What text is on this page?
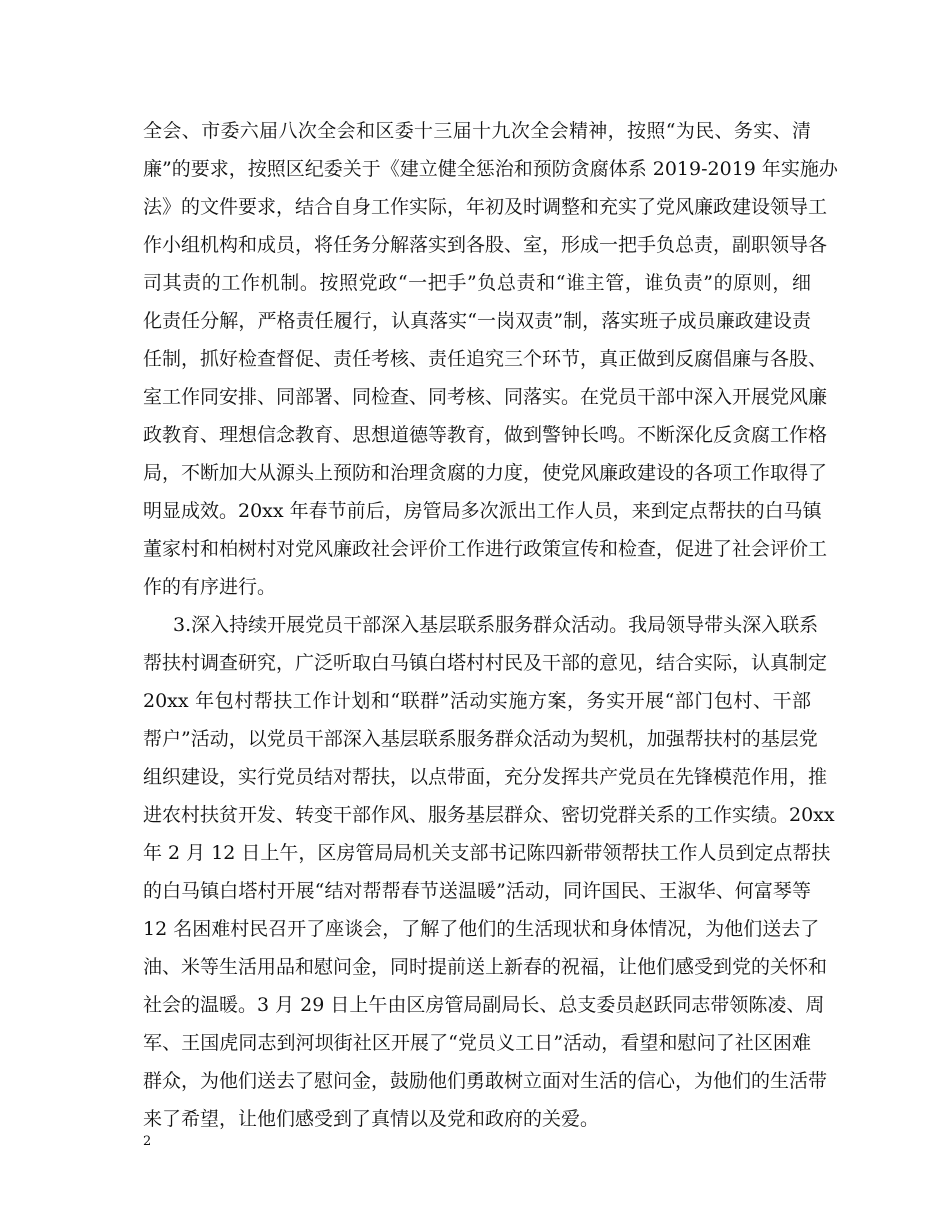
全会、市委六届八次全会和区委十三届十九次全会精神，按照“为民、务实、清
廉”的要求，按照区纪委关于《建立健全惩治和预防贪腐体系 2019-2019 年实施办
法》的文件要求，结合自身工作实际，年初及时调整和充实了党风廉政建设领导工
作小组机构和成员，将任务分解落实到各股、室，形成一把手负总责，副职领导各
司其责的工作机制。按照党政“一把手”负总责和“谁主管，谁负责”的原则，细
化责任分解，严格责任履行，认真落实“一岗双责”制，落实班子成员廉政建设责
任制，抓好检查督促、责任考核、责任追究三个环节，真正做到反腐倡廉与各股、
室工作同安排、同部署、同检查、同考核、同落实。在党员干部中深入开展党风廉
政教育、理想信念教育、思想道德等教育，做到警钟长鸣。不断深化反贪腐工作格
局，不断加大从源头上预防和治理贪腐的力度，使党风廉政建设的各项工作取得了
明显成效。20xx 年春节前后，房管局多次派出工作人员，来到定点帮扶的白马镇
董家村和柏树村对党风廉政社会评价工作进行政策宣传和检查，促进了社会评价工
作的有序进行。
3.深入持续开展党员干部深入基层联系服务群众活动。我局领导带头深入联系
帮扶村调查研究，广泛听取白马镇白塔村村民及干部的意见，结合实际，认真制定
20xx 年包村帮扶工作计划和“联群”活动实施方案，务实开展“部门包村、干部
帮户”活动，以党员干部深入基层联系服务群众活动为契机，加强帮扶村的基层党
组织建设，实行党员结对帮扶，以点带面，充分发挥共产党员在先锋模范作用，推
进农村扶贫开发、转变干部作风、服务基层群众、密切党群关系的工作实绩。20xx
年 2 月 12 日上午，区房管局局机关支部书记陈四新带领帮扶工作人员到定点帮扶
的白马镇白塔村开展“结对帮帮春节送温暖”活动，同许国民、王淑华、何富琴等
12 名困难村民召开了座谈会，了解了他们的生活现状和身体情况，为他们送去了
油、米等生活用品和慰问金，同时提前送上新春的祝福，让他们感受到党的关怀和
社会的温暖。3 月 29 日上午由区房管局副局长、总支委员赵跃同志带领陈凌、周
军、王国虎同志到河坝街社区开展了“党员义工日”活动，看望和慰问了社区困难
群众，为他们送去了慰问金，鼓励他们勇敢树立面对生活的信心，为他们的生活带
来了希望，让他们感受到了真情以及党和政府的关爱。
2
